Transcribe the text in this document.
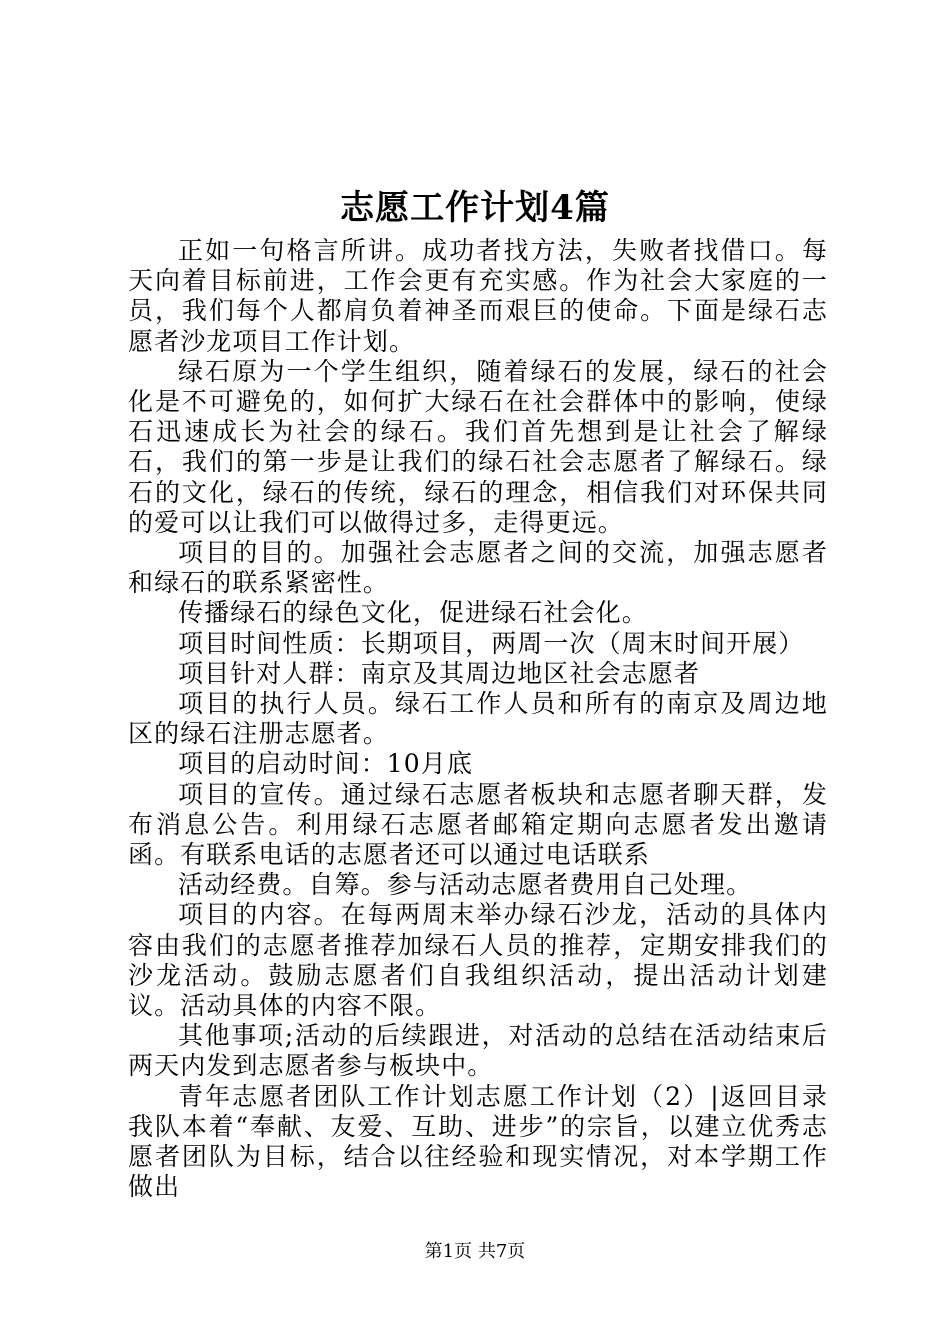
志愿工作计划4篇

正如一句格言所讲。成功者找方法，失败者找借口。每天向着目标前进，工作会更有充实感。作为社会大家庭的一员，我们每个人都肩负着神圣而艰巨的使命。下面是绿石志愿者沙龙项目工作计划。

绿石原为一个学生组织，随着绿石的发展，绿石的社会化是不可避免的，如何扩大绿石在社会群体中的影响，使绿石迅速成长为社会的绿石。我们首先想到是让社会了解绿石，我们的第一步是让我们的绿石社会志愿者了解绿石。绿石的文化，绿石的传统，绿石的理念，相信我们对环保共同的爱可以让我们可以做得过多，走得更远。

项目的目的。加强社会志愿者之间的交流，加强志愿者和绿石的联系紧密性。

传播绿石的绿色文化，促进绿石社会化。

项目时间性质：长期项目，两周一次（周末时间开展）

项目针对人群：南京及其周边地区社会志愿者

项目的执行人员。绿石工作人员和所有的南京及周边地区的绿石注册志愿者。

项目的启动时间：10月底

项目的宣传。通过绿石志愿者板块和志愿者聊天群，发布消息公告。利用绿石志愿者邮箱定期向志愿者发出邀请函。有联系电话的志愿者还可以通过电话联系

活动经费。自筹。参与活动志愿者费用自己处理。

项目的内容。在每两周末举办绿石沙龙，活动的具体内容由我们的志愿者推荐加绿石人员的推荐，定期安排我们的沙龙活动。鼓励志愿者们自我组织活动，提出活动计划建议。活动具体的内容不限。

其他事项;活动的后续跟进，对活动的总结在活动结束后两天内发到志愿者参与板块中。

青年志愿者团队工作计划志愿工作计划（2）|返回目录我队本着“奉献、友爱、互助、进步”的宗旨，以建立优秀志愿者团队为目标，结合以往经验和现实情况，对本学期工作做出

第1页 共7页
